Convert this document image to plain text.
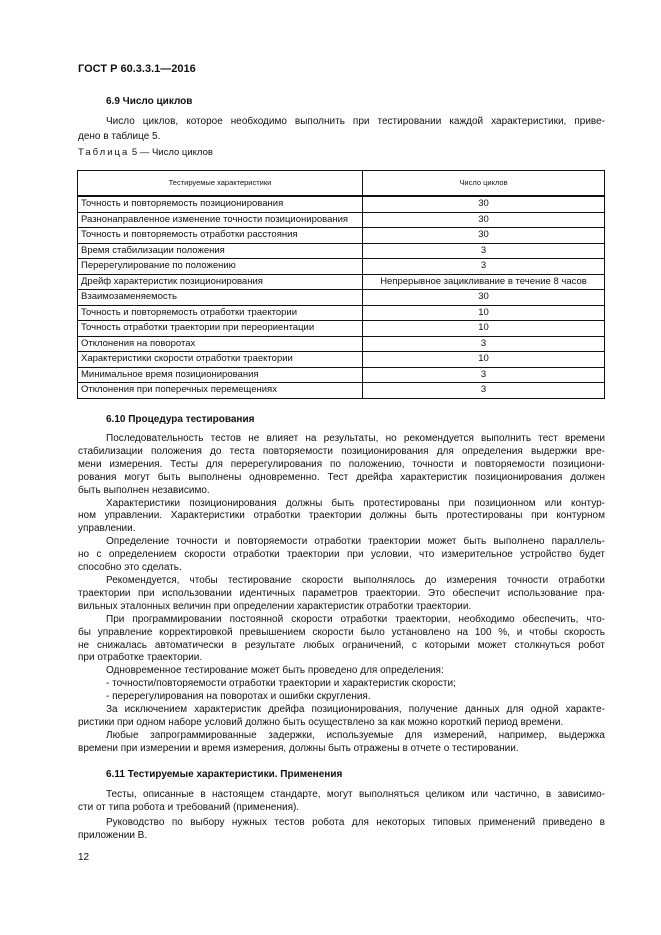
ГОСТ Р 60.3.3.1—2016
6.9 Число циклов
Число циклов, которое необходимо выполнить при тестировании каждой характеристики, приве-
дено в таблице 5.
Таблица 5 — Число циклов
Тестируемые характеристики	Число циклов
Точность и повторяемость позиционирования	30
Разнонаправленное изменение точности позиционирования	30
Точность и повторяемость отработки расстояния	30
Время стабилизации положения	3
Перерегулирование по положению	3
Дрейф характеристик позиционирования	Непрерывное зацикливание в течение 8 часов
Взаимозаменяемость	30
Точность и повторяемость отработки траектории	10
Точность отработки траектории при переориентации	10
Отклонения на поворотах	3
Характеристики скорости отработки траектории	10
Минимальное время позиционирования	3
Отклонения при поперечных перемещениях	3
6.10 Процедура тестирования
Последовательность тестов не влияет на результаты, но рекомендуется выполнить тест времени
стабилизации положения до теста повторяемости позиционирования для определения выдержки вре-
мени измерения. Тесты для перерегулирования по положению, точности и повторяемости позициони-
рования могут быть выполнены одновременно. Тест дрейфа характеристик позиционирования должен
быть выполнен независимо.
Характеристики позиционирования должны быть протестированы при позиционном или контур-
ном управлении. Характеристики отработки траектории должны быть протестированы при контурном
управлении.
Определение точности и повторяемости отработки траектории может быть выполнено параллель-
но с определением скорости отработки траектории при условии, что измерительное устройство будет
способно это сделать.
Рекомендуется, чтобы тестирование скорости выполнялось до измерения точности отработки
траектории при использовании идентичных параметров траектории. Это обеспечит использование пра-
вильных эталонных величин при определении характеристик отработки траектории.
При программировании постоянной скорости отработки траектории, необходимо обеспечить, что-
бы управление корректировкой превышением скорости было установлено на 100 %, и чтобы скорость
не снижалась автоматически в результате любых ограничений, с которыми может столкнуться робот
при отработке траектории.
Одновременное тестирование может быть проведено для определения:
- точности/повторяемости отработки траектории и характеристик скорости;
- перерегулирования на поворотах и ошибки скругления.
За исключением характеристик дрейфа позиционирования, получение данных для одной характе-
ристики при одном наборе условий должно быть осуществлено за как можно короткий период времени.
Любые запрограммированные задержки, используемые для измерений, например, выдержка
времени при измерении и время измерения, должны быть отражены в отчете о тестировании.
6.11 Тестируемые характеристики. Применения
Тесты, описанные в настоящем стандарте, могут выполняться целиком или частично, в зависимо-
сти от типа робота и требований (применения).
Руководство по выбору нужных тестов робота для некоторых типовых применений приведено в
приложении В.
12
